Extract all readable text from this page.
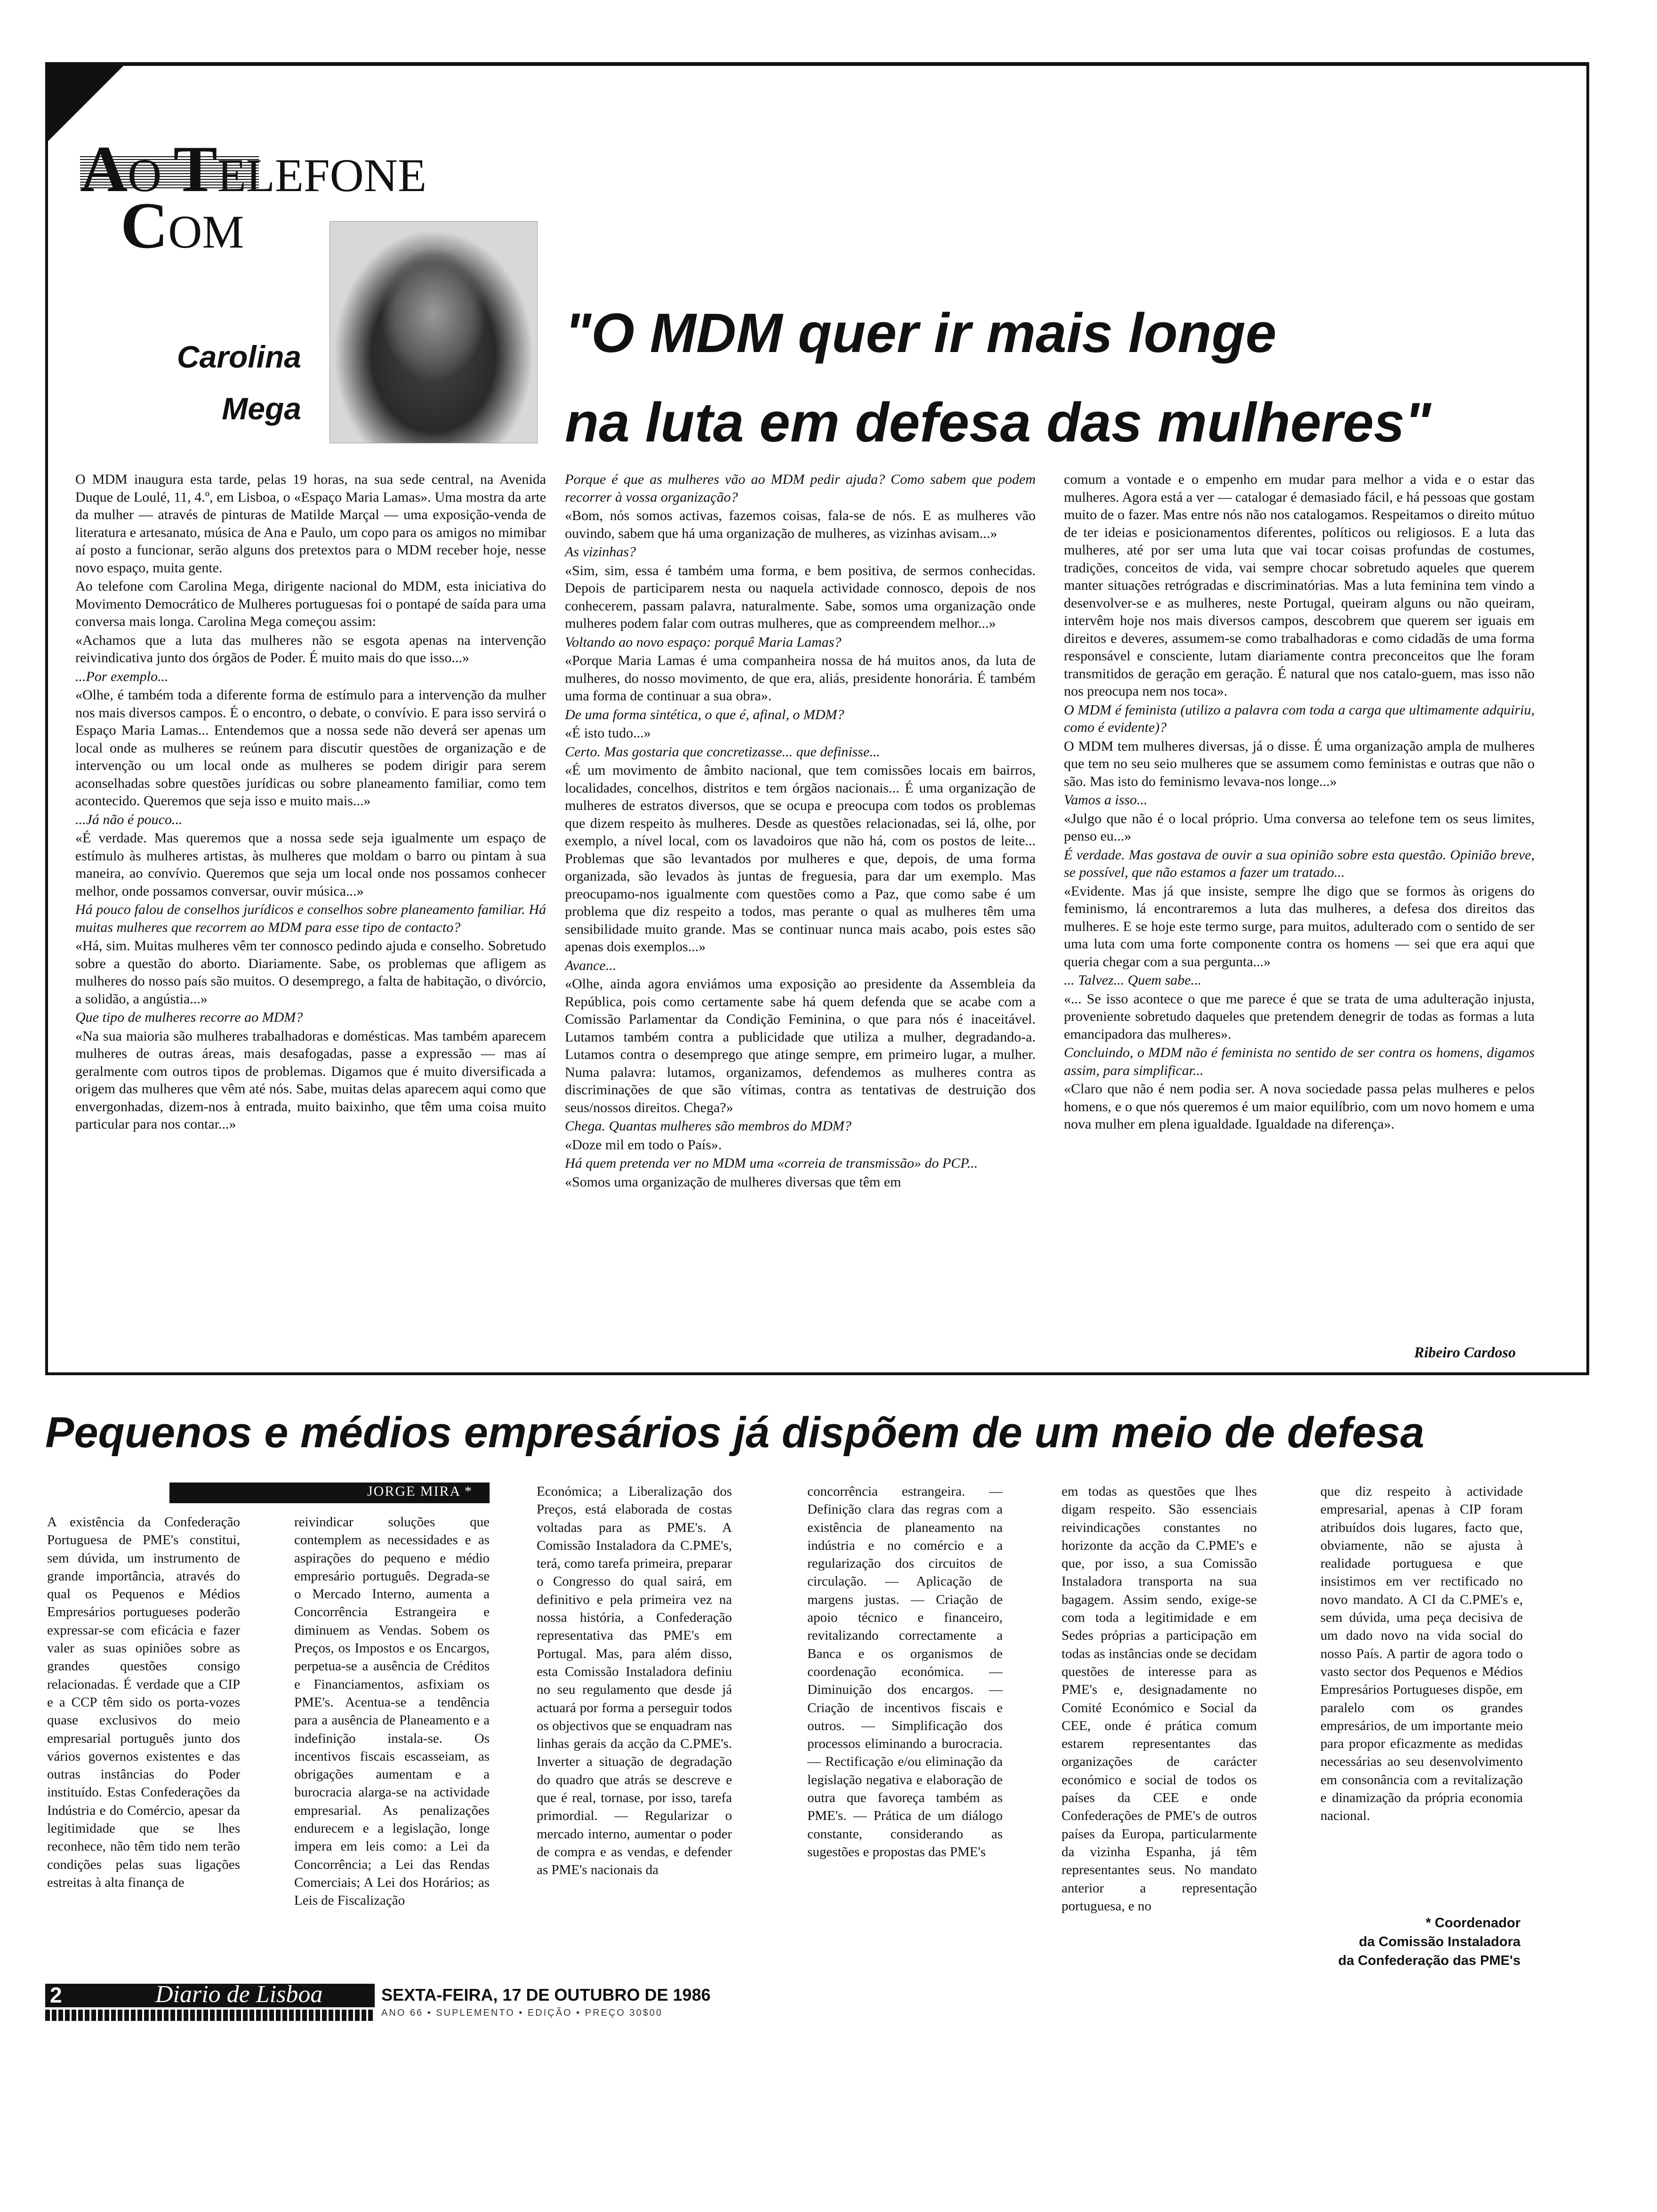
AO TELEFONE
COM
Carolina
Mega
"O MDM quer ir mais longe
na luta em defesa das mulheres"

O MDM inaugura esta tarde, pelas 19 horas, na sua sede central, na Avenida Duque de Loulé, 11, 4.º, em Lisboa, o «Espaço Maria Lamas». Uma mostra da arte da mulher — através de pinturas de Matilde Marçal — uma exposição-venda de literatura e artesanato, música de Ana e Paulo, um copo para os amigos no mimibar aí posto a funcionar, serão alguns dos pretextos para o MDM receber hoje, nesse novo espaço, muita gente.

Ao telefone com Carolina Mega, dirigente nacional do MDM, esta iniciativa do Movimento Democrático de Mulheres portuguesas foi o pontapé de saída para uma conversa mais longa. Carolina Mega começou assim:

«Achamos que a luta das mulheres não se esgota apenas na intervenção reivindicativa junto dos órgãos de Poder. É muito mais do que isso...»

...Por exemplo...

«Olhe, é também toda a diferente forma de estímulo para a intervenção da mulher nos mais diversos campos. É o encontro, o debate, o convívio. E para isso servirá o Espaço Maria Lamas... Entendemos que a nossa sede não deverá ser apenas um local onde as mulheres se reúnem para discutir questões de organização e de intervenção ou um local onde as mulheres se podem dirigir para serem aconselhadas sobre questões jurídicas ou sobre planeamento familiar, como tem acontecido. Queremos que seja isso e muito mais...»

...Já não é pouco...

«É verdade. Mas queremos que a nossa sede seja igualmente um espaço de estímulo às mulheres artistas, às mulheres que moldam o barro ou pintam à sua maneira, ao convívio. Queremos que seja um local onde nos possamos conhecer melhor, onde possamos conversar, ouvir música...»

Há pouco falou de conselhos jurídicos e conselhos sobre planeamento familiar. Há muitas mulheres que recorrem ao MDM para esse tipo de contacto?

«Há, sim. Muitas mulheres vêm ter connosco pedindo ajuda e conselho. Sobretudo sobre a questão do aborto. Diariamente. Sabe, os problemas que afligem as mulheres do nosso país são muitos. O desemprego, a falta de habitação, o divórcio, a solidão, a angústia...»

Que tipo de mulheres recorre ao MDM?

«Na sua maioria são mulheres trabalhadoras e domésticas. Mas também aparecem mulheres de outras áreas, mais desafogadas, passe a expressão — mas aí geralmente com outros tipos de problemas. Digamos que é muito diversificada a origem das mulheres que vêm até nós. Sabe, muitas delas aparecem aqui como que envergonhadas, dizem-nos à entrada, muito baixinho, que têm uma coisa muito particular para nos contar...»

Porque é que as mulheres vão ao MDM pedir ajuda? Como sabem que podem recorrer à vossa organização?

«Bom, nós somos activas, fazemos coisas, fala-se de nós. E as mulheres vão ouvindo, sabem que há uma organização de mulheres, as vizinhas avisam...»

As vizinhas?

«Sim, sim, essa é também uma forma, e bem positiva, de sermos conhecidas. Depois de participarem nesta ou naquela actividade connosco, depois de nos conhecerem, passam palavra, naturalmente. Sabe, somos uma organização onde mulheres podem falar com outras mulheres, que as compreendem melhor...»

Voltando ao novo espaço: porquê Maria Lamas?

«Porque Maria Lamas é uma companheira nossa de há muitos anos, da luta de mulheres, do nosso movimento, de que era, aliás, presidente honorária. É também uma forma de continuar a sua obra».

De uma forma sintética, o que é, afinal, o MDM?

«É isto tudo...»

Certo. Mas gostaria que concretizasse... que definisse...

«É um movimento de âmbito nacional, que tem comissões locais em bairros, localidades, concelhos, distritos e tem órgãos nacionais... É uma organização de mulheres de estratos diversos, que se ocupa e preocupa com todos os problemas que dizem respeito às mulheres. Desde as questões relacionadas, sei lá, olhe, por exemplo, a nível local, com os lavadoiros que não há, com os postos de leite... Problemas que são levantados por mulheres e que, depois, de uma forma organizada, são levados às juntas de freguesia, para dar um exemplo. Mas preocupamo-nos igualmente com questões como a Paz, que como sabe é um problema que diz respeito a todos, mas perante o qual as mulheres têm uma sensibilidade muito grande. Mas se continuar nunca mais acabo, pois estes são apenas dois exemplos...»

Avance...

«Olhe, ainda agora enviámos uma exposição ao presidente da Assembleia da República, pois como certamente sabe há quem defenda que se acabe com a Comissão Parlamentar da Condição Feminina, o que para nós é inaceitável. Lutamos também contra a publicidade que utiliza a mulher, degradando-a. Lutamos contra o desemprego que atinge sempre, em primeiro lugar, a mulher. Numa palavra: lutamos, organizamos, defendemos as mulheres contra as discriminações de que são vítimas, contra as tentativas de destruição dos seus/nossos direitos. Chega?»

Chega. Quantas mulheres são membros do MDM?

«Doze mil em todo o País».

Há quem pretenda ver no MDM uma «correia de transmissão» do PCP...

«Somos uma organização de mulheres diversas que têm em

comum a vontade e o empenho em mudar para melhor a vida e o estar das mulheres. Agora está a ver — catalogar é demasiado fácil, e há pessoas que gostam muito de o fazer. Mas entre nós não nos catalogamos. Respeitamos o direito mútuo de ter ideias e posicionamentos diferentes, políticos ou religiosos. E a luta das mulheres, até por ser uma luta que vai tocar coisas profundas de costumes, tradições, conceitos de vida, vai sempre chocar sobretudo aqueles que querem manter situações retrógradas e discriminatórias. Mas a luta feminina tem vindo a desenvolver-se e as mulheres, neste Portugal, queiram alguns ou não queiram, intervêm hoje nos mais diversos campos, descobrem que querem ser iguais em direitos e deveres, assumem-se como trabalhadoras e como cidadãs de uma forma responsável e consciente, lutam diariamente contra preconceitos que lhe foram transmitidos de geração em geração. É natural que nos catalo-guem, mas isso não nos preocupa nem nos toca».

O MDM é feminista (utilizo a palavra com toda a carga que ultimamente adquiriu, como é evidente)?

O MDM tem mulheres diversas, já o disse. É uma organização ampla de mulheres que tem no seu seio mulheres que se assumem como feministas e outras que não o são. Mas isto do feminismo levava-nos longe...»

Vamos a isso...

«Julgo que não é o local próprio. Uma conversa ao telefone tem os seus limites, penso eu...»

É verdade. Mas gostava de ouvir a sua opinião sobre esta questão. Opinião breve, se possível, que não estamos a fazer um tratado...

«Evidente. Mas já que insiste, sempre lhe digo que se formos às origens do feminismo, lá encontraremos a luta das mulheres, a defesa dos direitos das mulheres. E se hoje este termo surge, para muitos, adulterado com o sentido de ser uma luta com uma forte componente contra os homens — sei que era aqui que queria chegar com a sua pergunta...»

... Talvez... Quem sabe...

«... Se isso acontece o que me parece é que se trata de uma adulteração injusta, proveniente sobretudo daqueles que pretendem denegrir de todas as formas a luta emancipadora das mulheres».

Concluindo, o MDM não é feminista no sentido de ser contra os homens, digamos assim, para simplificar...

«Claro que não é nem podia ser. A nova sociedade passa pelas mulheres e pelos homens, e o que nós queremos é um maior equilíbrio, com um novo homem e uma nova mulher em plena igualdade. Igualdade na diferença».

Ribeiro Cardoso
Pequenos e médios empresários já dispõem de um meio de defesa
JORGE MIRA *
A existência da Confederação Portuguesa de PME's constitui, sem dúvida, um instrumento de grande importância, através do qual os Pequenos e Médios Empresários portugueses poderão expressar-se com eficácia e fazer valer as suas opiniões sobre as grandes questões consigo relacionadas. É verdade que a CIP e a CCP têm sido os porta-vozes quase exclusivos do meio empresarial português junto dos vários governos existentes e das outras instâncias do Poder instituído. Estas Confederações da Indústria e do Comércio, apesar da legitimidade que se lhes reconhece, não têm tido nem terão condições pelas suas ligações estreitas à alta finança de
reivindicar soluções que contemplem as necessidades e as aspirações do pequeno e médio empresário português. Degrada-se o Mercado Interno, aumenta a Concorrência Estrangeira e diminuem as Vendas. Sobem os Preços, os Impostos e os Encargos, perpetua-se a ausência de Créditos e Financiamentos, asfixiam os PME's. Acentua-se a tendência para a ausência de Planeamento e a indefinição instala-se. Os incentivos fiscais escasseiam, as obrigações aumentam e a burocracia alarga-se na actividade empresarial. As penalizações endurecem e a legislação, longe impera em leis como: a Lei da Concorrência; a Lei das Rendas Comerciais; A Lei dos Horários; as Leis de Fiscalização
Económica; a Liberalização dos Preços, está elaborada de costas voltadas para as PME's. A Comissão Instaladora da C.PME's, terá, como tarefa primeira, preparar o Congresso do qual sairá, em definitivo e pela primeira vez na nossa história, a Confederação representativa das PME's em Portugal. Mas, para além disso, esta Comissão Instaladora definiu no seu regulamento que desde já actuará por forma a perseguir todos os objectivos que se enquadram nas linhas gerais da acção da C.PME's. Inverter a situação de degradação do quadro que atrás se descreve e que é real, tornase, por isso, tarefa primordial. — Regularizar o mercado interno, aumentar o poder de compra e as vendas, e defender as PME's nacionais da
concorrência estrangeira. — Definição clara das regras com a existência de planeamento na indústria e no comércio e a regularização dos circuitos de circulação. — Aplicação de margens justas. — Criação de apoio técnico e financeiro, revitalizando correctamente a Banca e os organismos de coordenação económica. — Diminuição dos encargos. — Criação de incentivos fiscais e outros. — Simplificação dos processos eliminando a burocracia. — Rectificação e/ou eliminação da legislação negativa e elaboração de outra que favoreça também as PME's. — Prática de um diálogo constante, considerando as sugestões e propostas das PME's
em todas as questões que lhes digam respeito. São essenciais reivindicações constantes no horizonte da acção da C.PME's e que, por isso, a sua Comissão Instaladora transporta na sua bagagem. Assim sendo, exige-se com toda a legitimidade e em Sedes próprias a participação em todas as instâncias onde se decidam questões de interesse para as PME's e, designadamente no Comité Económico e Social da CEE, onde é prática comum estarem representantes das organizações de carácter económico e social de todos os países da CEE e onde Confederações de PME's de outros países da Europa, particularmente da vizinha Espanha, já têm representantes seus. No mandato anterior a representação portuguesa, e no
que diz respeito à actividade empresarial, apenas à CIP foram atribuídos dois lugares, facto que, obviamente, não se ajusta à realidade portuguesa e que insistimos em ver rectificado no novo mandato. A CI da C.PME's e, sem dúvida, uma peça decisiva de um dado novo na vida social do nosso País. A partir de agora todo o vasto sector dos Pequenos e Médios Empresários Portugueses dispõe, em paralelo com os grandes empresários, de um importante meio para propor eficazmente as medidas necessárias ao seu desenvolvimento em consonância com a revitalização e dinamização da própria economia nacional.
* Coordenador
da Comissão Instaladora
da Confederação das PME's
2	Diario de Lisboa	SEXTA-FEIRA, 17 DE OUTUBRO DE 1986
ANO 66 • SUPLEMENTO • EDIÇÃO • PREÇO 30$00
